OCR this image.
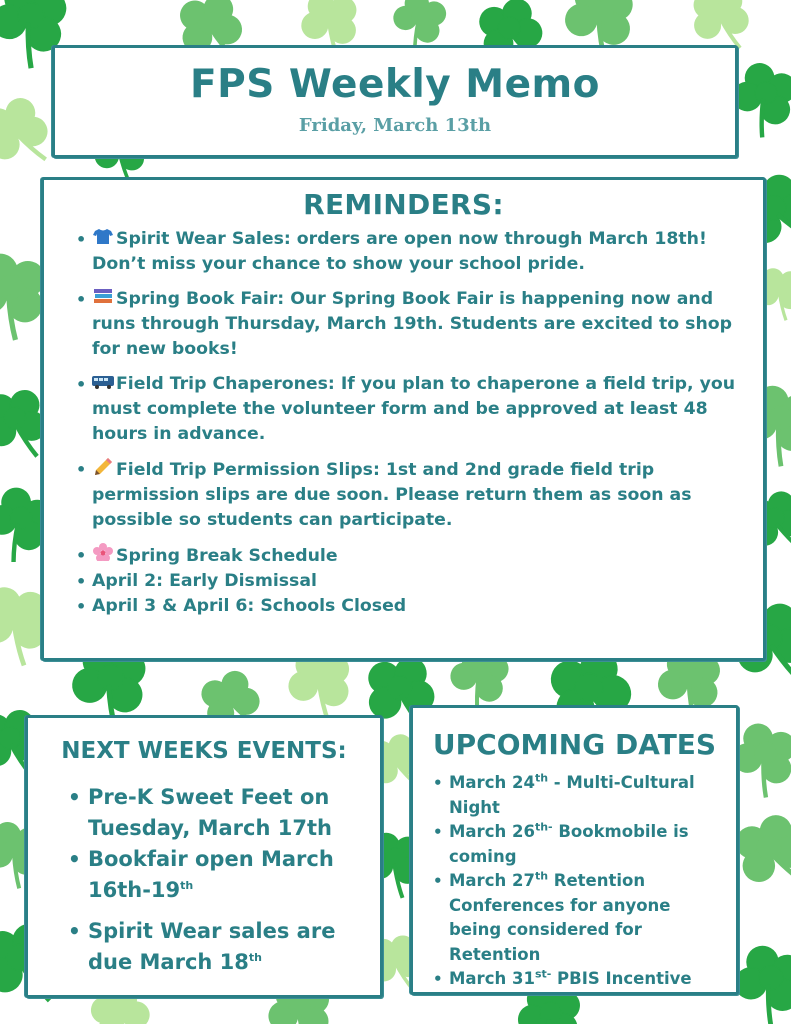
FPS Weekly Memo
Friday, March 13th
REMINDERS:
• Spirit Wear Sales: orders are open now through March 18th! Don’t miss your chance to show your school pride.
• Spring Book Fair: Our Spring Book Fair is happening now and runs through Thursday, March 19th. Students are excited to shop for new books!
• Field Trip Chaperones: If you plan to chaperone a field trip, you must complete the volunteer form and be approved at least 48 hours in advance.
• Field Trip Permission Slips: 1st and 2nd grade field trip permission slips are due soon. Please return them as soon as possible so students can participate.
• Spring Break Schedule
• April 2: Early Dismissal
• April 3 & April 6: Schools Closed
NEXT WEEKS EVENTS:
• Pre-K Sweet Feet on Tuesday, March 17th
• Bookfair open March 16th-19th
• Spirit Wear sales are due March 18th
UPCOMING DATES
• March 24th - Multi-Cultural Night
• March $26^{th-}$ Bookmobile is coming
• March 27th Retention Conferences for anyone being considered for Retention
• March $31^{st-}$ PBIS Incentive
